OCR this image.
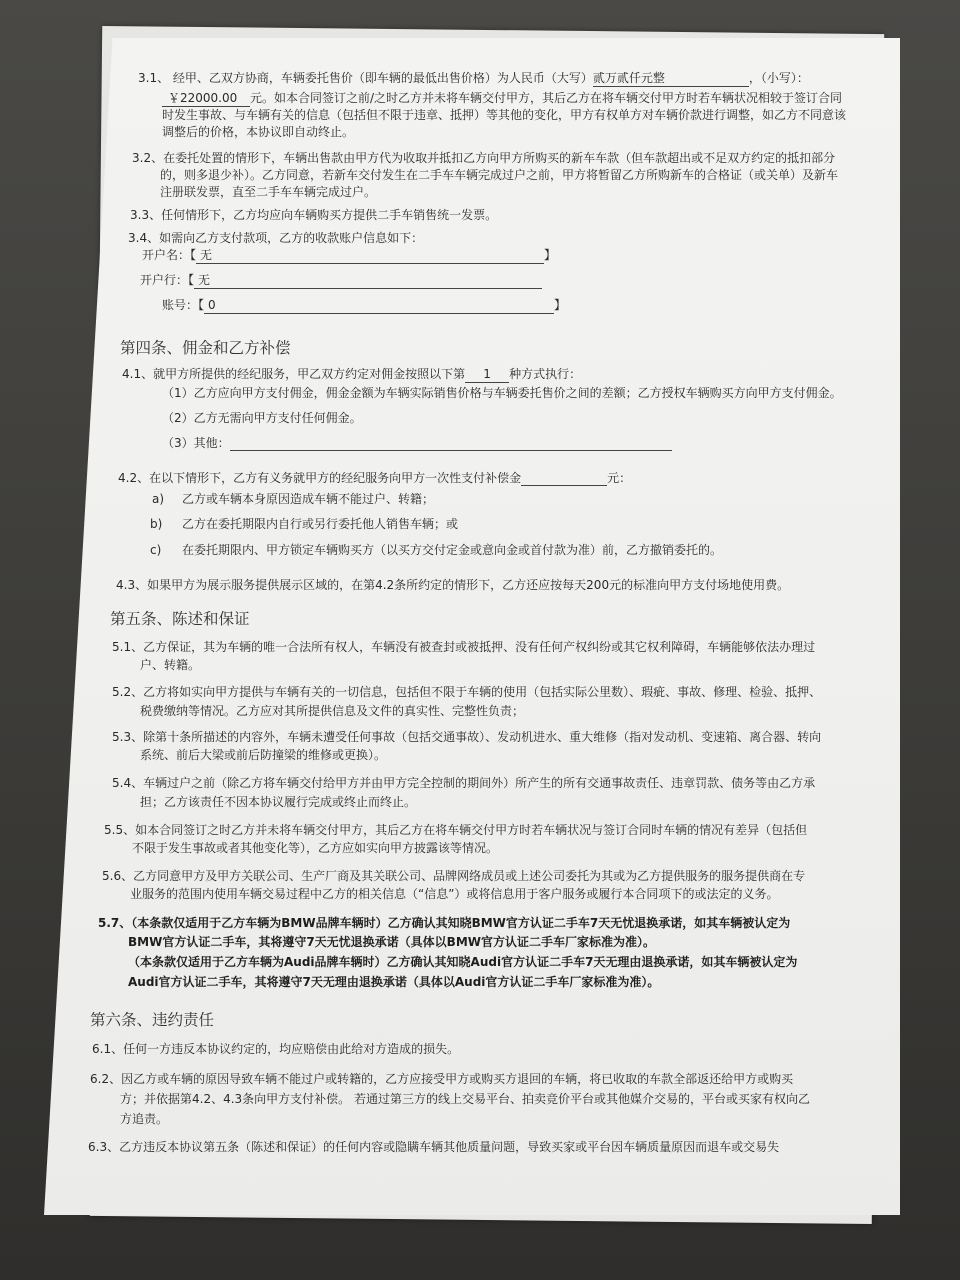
3.1、 经甲、乙双方协商，车辆委托售价（即车辆的最低出售价格）为人民币（大写）贰万贰仟元整	，（小写）：
￥22000.00 元。如本合同签订之前/之时乙方并未将车辆交付甲方，其后乙方在将车辆交付甲方时若车辆状况相较于签订合同
时发生事故、与车辆有关的信息（包括但不限于违章、抵押）等其他的变化，甲方有权单方对车辆价款进行调整，如乙方不同意该
调整后的价格，本协议即自动终止。
3.2、在委托处置的情形下，车辆出售款由甲方代为收取并抵扣乙方向甲方所购买的新车车款（但车款超出或不足双方约定的抵扣部分
的，则多退少补）。乙方同意，若新车交付发生在二手车车辆完成过户之前，甲方将暂留乙方所购新车的合格证（或关单）及新车
注册联发票，直至二手车车辆完成过户。
3.3、任何情形下，乙方均应向车辆购买方提供二手车销售统一发票。
3.4、如需向乙方支付款项，乙方的收款账户信息如下：
开户名：【 无	】
开户行：【 无
账号：【 0	】
第四条、佣金和乙方补偿
4.1、就甲方所提供的经纪服务，甲乙双方约定对佣金按照以下第 1 种方式执行：
（1）乙方应向甲方支付佣金，佣金金额为车辆实际销售价格与车辆委托售价之间的差额；乙方授权车辆购买方向甲方支付佣金。
（2）乙方无需向甲方支付任何佣金。
（3）其他：
4.2、在以下情形下，乙方有义务就甲方的经纪服务向甲方一次性支付补偿金	元：
a) 乙方或车辆本身原因造成车辆不能过户、转籍；
b) 乙方在委托期限内自行或另行委托他人销售车辆；或
c) 在委托期限内、甲方锁定车辆购买方（以买方交付定金或意向金或首付款为准）前，乙方撤销委托的。
4.3、如果甲方为展示服务提供展示区域的，在第4.2条所约定的情形下，乙方还应按每天200元的标准向甲方支付场地使用费。
第五条、陈述和保证
5.1、乙方保证，其为车辆的唯一合法所有权人，车辆没有被查封或被抵押、没有任何产权纠纷或其它权利障碍，车辆能够依法办理过
户、转籍。
5.2、乙方将如实向甲方提供与车辆有关的一切信息，包括但不限于车辆的使用（包括实际公里数）、瑕疵、事故、修理、检验、抵押、
税费缴纳等情况。乙方应对其所提供信息及文件的真实性、完整性负责；
5.3、除第十条所描述的内容外，车辆未遭受任何事故（包括交通事故）、发动机进水、重大维修（指对发动机、变速箱、离合器、转向
系统、前后大梁或前后防撞梁的维修或更换）。
5.4、车辆过户之前（除乙方将车辆交付给甲方并由甲方完全控制的期间外）所产生的所有交通事故责任、违章罚款、债务等由乙方承
担；乙方该责任不因本协议履行完成或终止而终止。
5.5、如本合同签订之时乙方并未将车辆交付甲方，其后乙方在将车辆交付甲方时若车辆状况与签订合同时车辆的情况有差异（包括但
不限于发生事故或者其他变化等），乙方应如实向甲方披露该等情况。
5.6、乙方同意甲方及甲方关联公司、生产厂商及其关联公司、品牌网络成员或上述公司委托为其或为乙方提供服务的服务提供商在专
业服务的范围内使用车辆交易过程中乙方的相关信息（“信息”）或将信息用于客户服务或履行本合同项下的或法定的义务。
5.7、（本条款仅适用于乙方车辆为BMW品牌车辆时）乙方确认其知晓BMW官方认证二手车7天无忧退换承诺，如其车辆被认定为
BMW官方认证二手车，其将遵守7天无忧退换承诺（具体以BMW官方认证二手车厂家标准为准）。
（本条款仅适用于乙方车辆为Audi品牌车辆时）乙方确认其知晓Audi官方认证二手车7天无理由退换承诺，如其车辆被认定为
Audi官方认证二手车，其将遵守7天无理由退换承诺（具体以Audi官方认证二手车厂家标准为准）。
第六条、违约责任
6.1、任何一方违反本协议约定的，均应赔偿由此给对方造成的损失。
6.2、因乙方或车辆的原因导致车辆不能过户或转籍的，乙方应接受甲方或购买方退回的车辆，将已收取的车款全部返还给甲方或购买
方；并依据第4.2、4.3条向甲方支付补偿。 若通过第三方的线上交易平台、拍卖竞价平台或其他媒介交易的，平台或买家有权向乙
方追责。
6.3、乙方违反本协议第五条（陈述和保证）的任何内容或隐瞒车辆其他质量问题，导致买家或平台因车辆质量原因而退车或交易失
